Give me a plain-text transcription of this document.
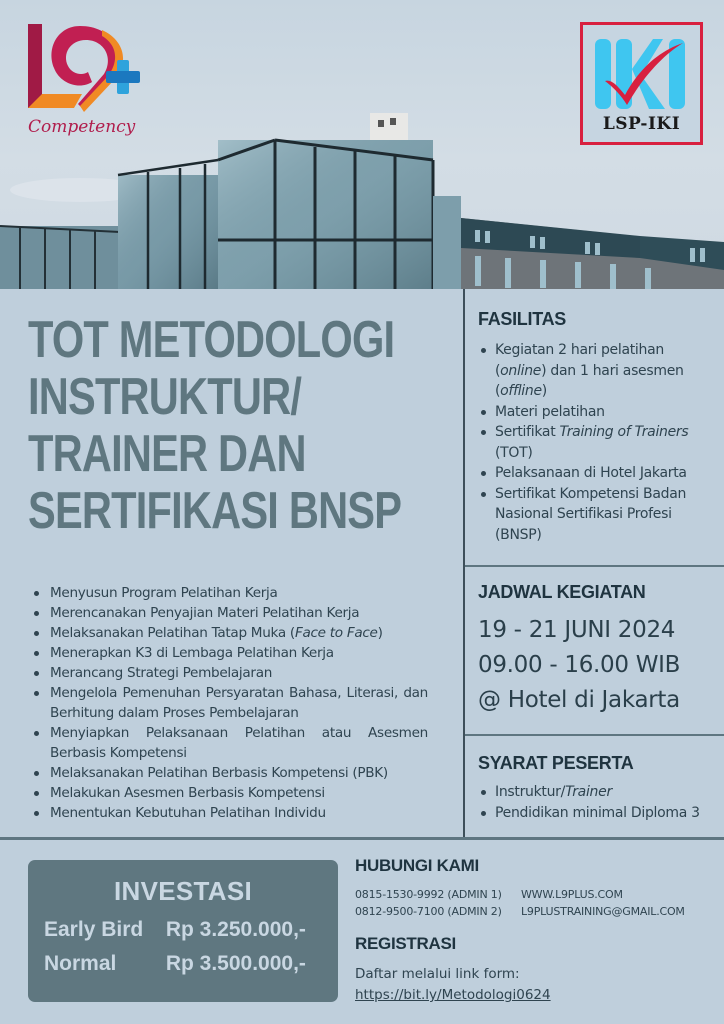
Competency	LSP-IKI
TOT METODOLOGI
INSTRUKTUR/
TRAINER DAN
SERTIFIKASI BNSP
Menyusun Program Pelatihan Kerja
Merencanakan Penyajian Materi Pelatihan Kerja
Melaksanakan Pelatihan Tatap Muka (Face to Face)
Menerapkan K3 di Lembaga Pelatihan Kerja
Merancang Strategi Pembelajaran
Mengelola Pemenuhan Persyaratan Bahasa, Literasi, dan Berhitung dalam Proses Pembelajaran
Menyiapkan Pelaksanaan Pelatihan atau Asesmen Berbasis Kompetensi
Melaksanakan Pelatihan Berbasis Kompetensi (PBK)
Melakukan Asesmen Berbasis Kompetensi
Menentukan Kebutuhan Pelatihan Individu
FASILITAS
Kegiatan 2 hari pelatihan (online) dan 1 hari asesmen (offline)
Materi pelatihan
Sertifikat Training of Trainers (TOT)
Pelaksanaan di Hotel Jakarta
Sertifikat Kompetensi Badan Nasional Sertifikasi Profesi (BNSP)
JADWAL KEGIATAN
19 - 21 JUNI 2024
09.00 - 16.00 WIB
@ Hotel di Jakarta
SYARAT PESERTA
Instruktur/Trainer
Pendidikan minimal Diploma 3
INVESTASI
Early Bird Rp 3.250.000,-
Normal Rp 3.500.000,-
HUBUNGI KAMI
0815-1530-9992 (ADMIN 1)	WWW.L9PLUS.COM
0812-9500-7100 (ADMIN 2)	L9PLUSTRAINING@GMAIL.COM
REGISTRASI
Daftar melalui link form:
https://bit.ly/Metodologi0624
